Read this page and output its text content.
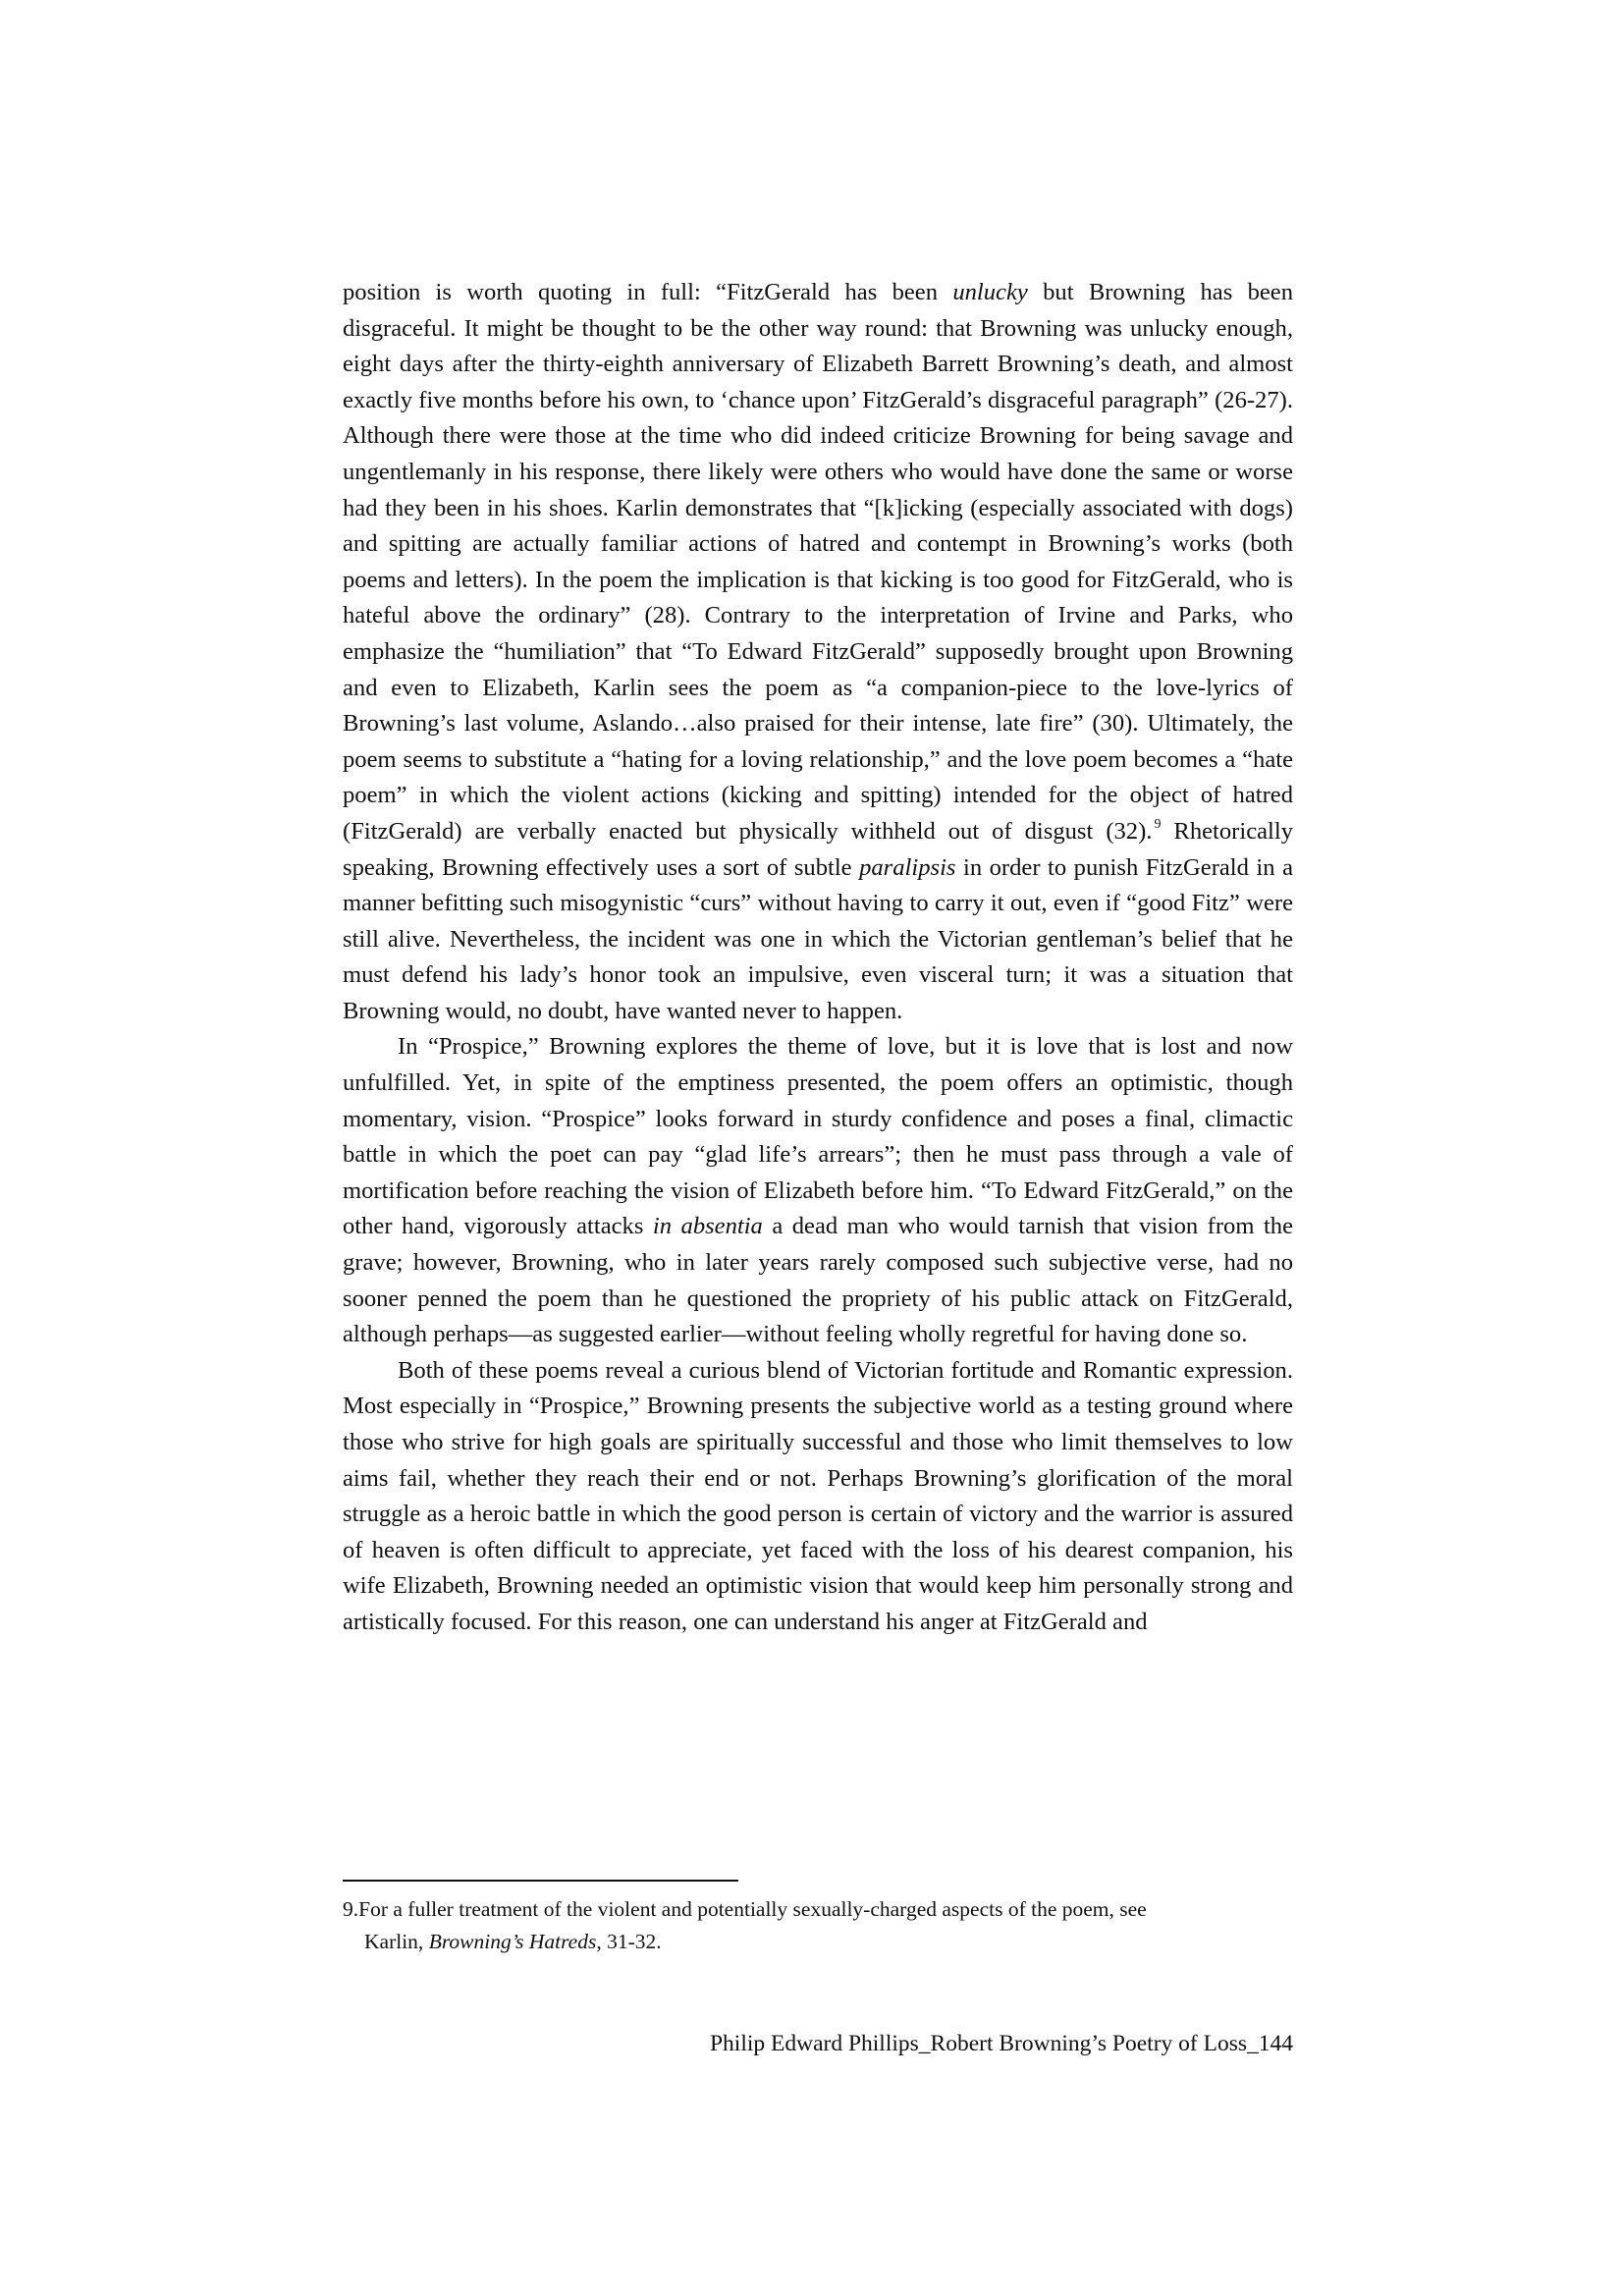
position is worth quoting in full: “FitzGerald has been unlucky but Browning has been disgraceful. It might be thought to be the other way round: that Browning was unlucky enough, eight days after the thirty-eighth anniversary of Elizabeth Barrett Browning’s death, and almost exactly five months before his own, to ‘chance upon’ FitzGerald’s disgraceful paragraph” (26-27). Although there were those at the time who did indeed criticize Browning for being savage and ungentlemanly in his response, there likely were others who would have done the same or worse had they been in his shoes. Karlin demonstrates that “[k]icking (especially associated with dogs) and spitting are actually familiar actions of hatred and contempt in Browning’s works (both poems and letters). In the poem the implication is that kicking is too good for FitzGerald, who is hateful above the ordinary” (28). Contrary to the interpretation of Irvine and Parks, who emphasize the “humiliation” that “To Edward FitzGerald” supposedly brought upon Browning and even to Elizabeth, Karlin sees the poem as “a companion-piece to the love-lyrics of Browning’s last volume, Aslando…also praised for their intense, late fire” (30). Ultimately, the poem seems to substitute a “hating for a loving relationship,” and the love poem becomes a “hate poem” in which the violent actions (kicking and spitting) intended for the object of hatred (FitzGerald) are verbally enacted but physically withheld out of disgust (32). $^9$ Rhetorically speaking, Browning effectively uses a sort of subtle paralipsis in order to punish FitzGerald in a manner befitting such misogynistic “curs” without having to carry it out, even if “good Fitz” were still alive. Nevertheless, the incident was one in which the Victorian gentleman’s belief that he must defend his lady’s honor took an impulsive, even visceral turn; it was a situation that Browning would, no doubt, have wanted never to happen.

In “Prospice,” Browning explores the theme of love, but it is love that is lost and now unfulfilled. Yet, in spite of the emptiness presented, the poem offers an optimistic, though momentary, vision. “Prospice” looks forward in sturdy confidence and poses a final, climactic battle in which the poet can pay “glad life’s arrears”; then he must pass through a vale of mortification before reaching the vision of Elizabeth before him. “To Edward FitzGerald,” on the other hand, vigorously attacks in absentia a dead man who would tarnish that vision from the grave; however, Browning, who in later years rarely composed such subjective verse, had no sooner penned the poem than he questioned the propriety of his public attack on FitzGerald, although perhaps—as suggested earlier—without feeling wholly regretful for having done so.

Both of these poems reveal a curious blend of Victorian fortitude and Romantic expression. Most especially in “Prospice,” Browning presents the subjective world as a testing ground where those who strive for high goals are spiritually successful and those who limit themselves to low aims fail, whether they reach their end or not. Perhaps Browning’s glorification of the moral struggle as a heroic battle in which the good person is certain of victory and the warrior is assured of heaven is often difficult to appreciate, yet faced with the loss of his dearest companion, his wife Elizabeth, Browning needed an optimistic vision that would keep him personally strong and artistically focused. For this reason, one can understand his anger at FitzGerald and

9.For a fuller treatment of the violent and potentially sexually-charged aspects of the poem, see
Karlin, Browning’s Hatreds, 31-32.
Philip Edward Phillips_Robert Browning’s Poetry of Loss_144
